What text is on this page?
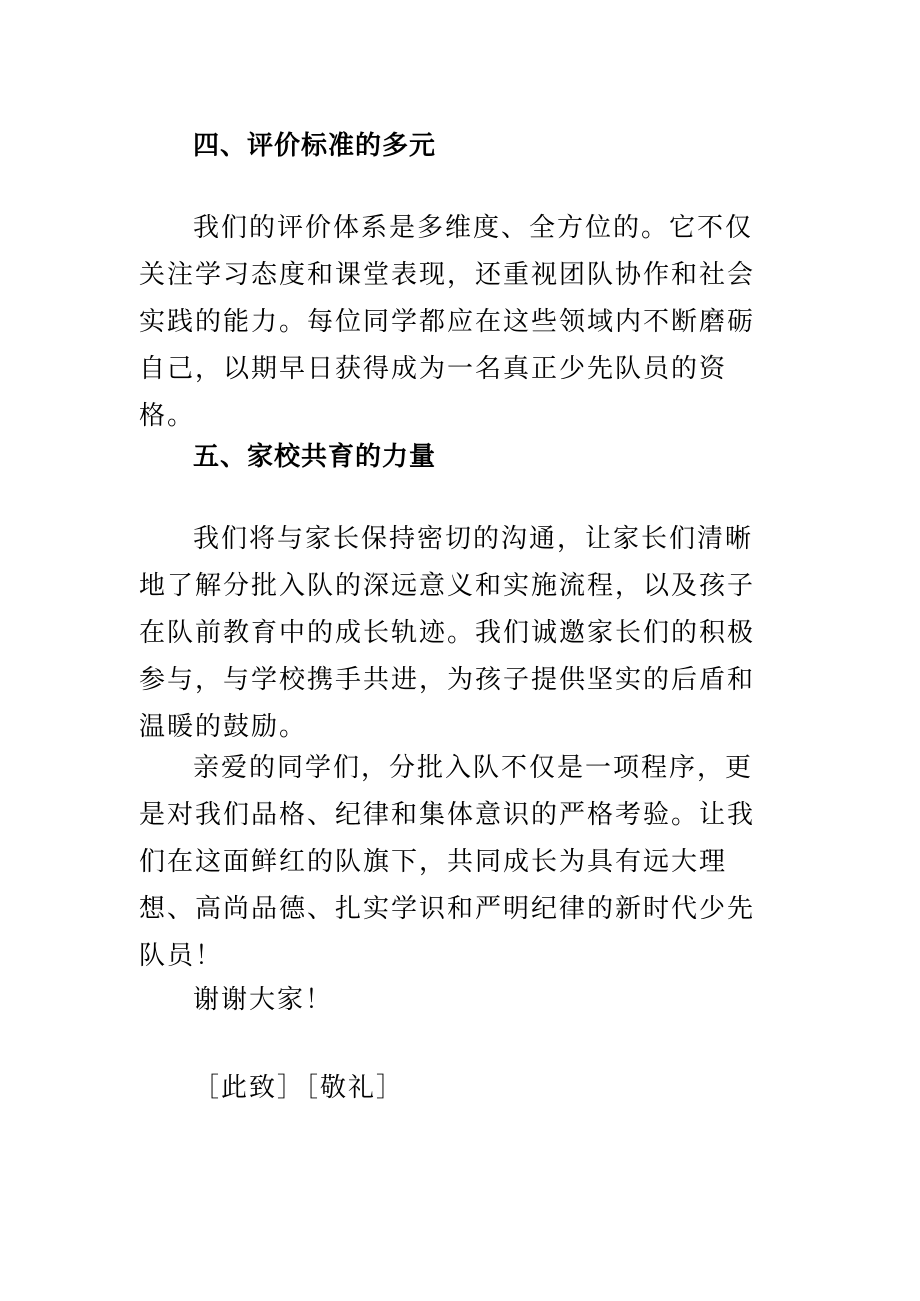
四、评价标准的多元

我们的评价体系是多维度、全方位的。它不仅关注学习态度和课堂表现，还重视团队协作和社会实践的能力。每位同学都应在这些领域内不断磨砺自己，以期早日获得成为一名真正少先队员的资格。

五、家校共育的力量

我们将与家长保持密切的沟通，让家长们清晰地了解分批入队的深远意义和实施流程，以及孩子在队前教育中的成长轨迹。我们诚邀家长们的积极参与，与学校携手共进，为孩子提供坚实的后盾和温暖的鼓励。

亲爱的同学们，分批入队不仅是一项程序，更是对我们品格、纪律和集体意识的严格考验。让我们在这面鲜红的队旗下，共同成长为具有远大理想、高尚品德、扎实学识和严明纪律的新时代少先队员！

谢谢大家！
［此致］［敬礼］
